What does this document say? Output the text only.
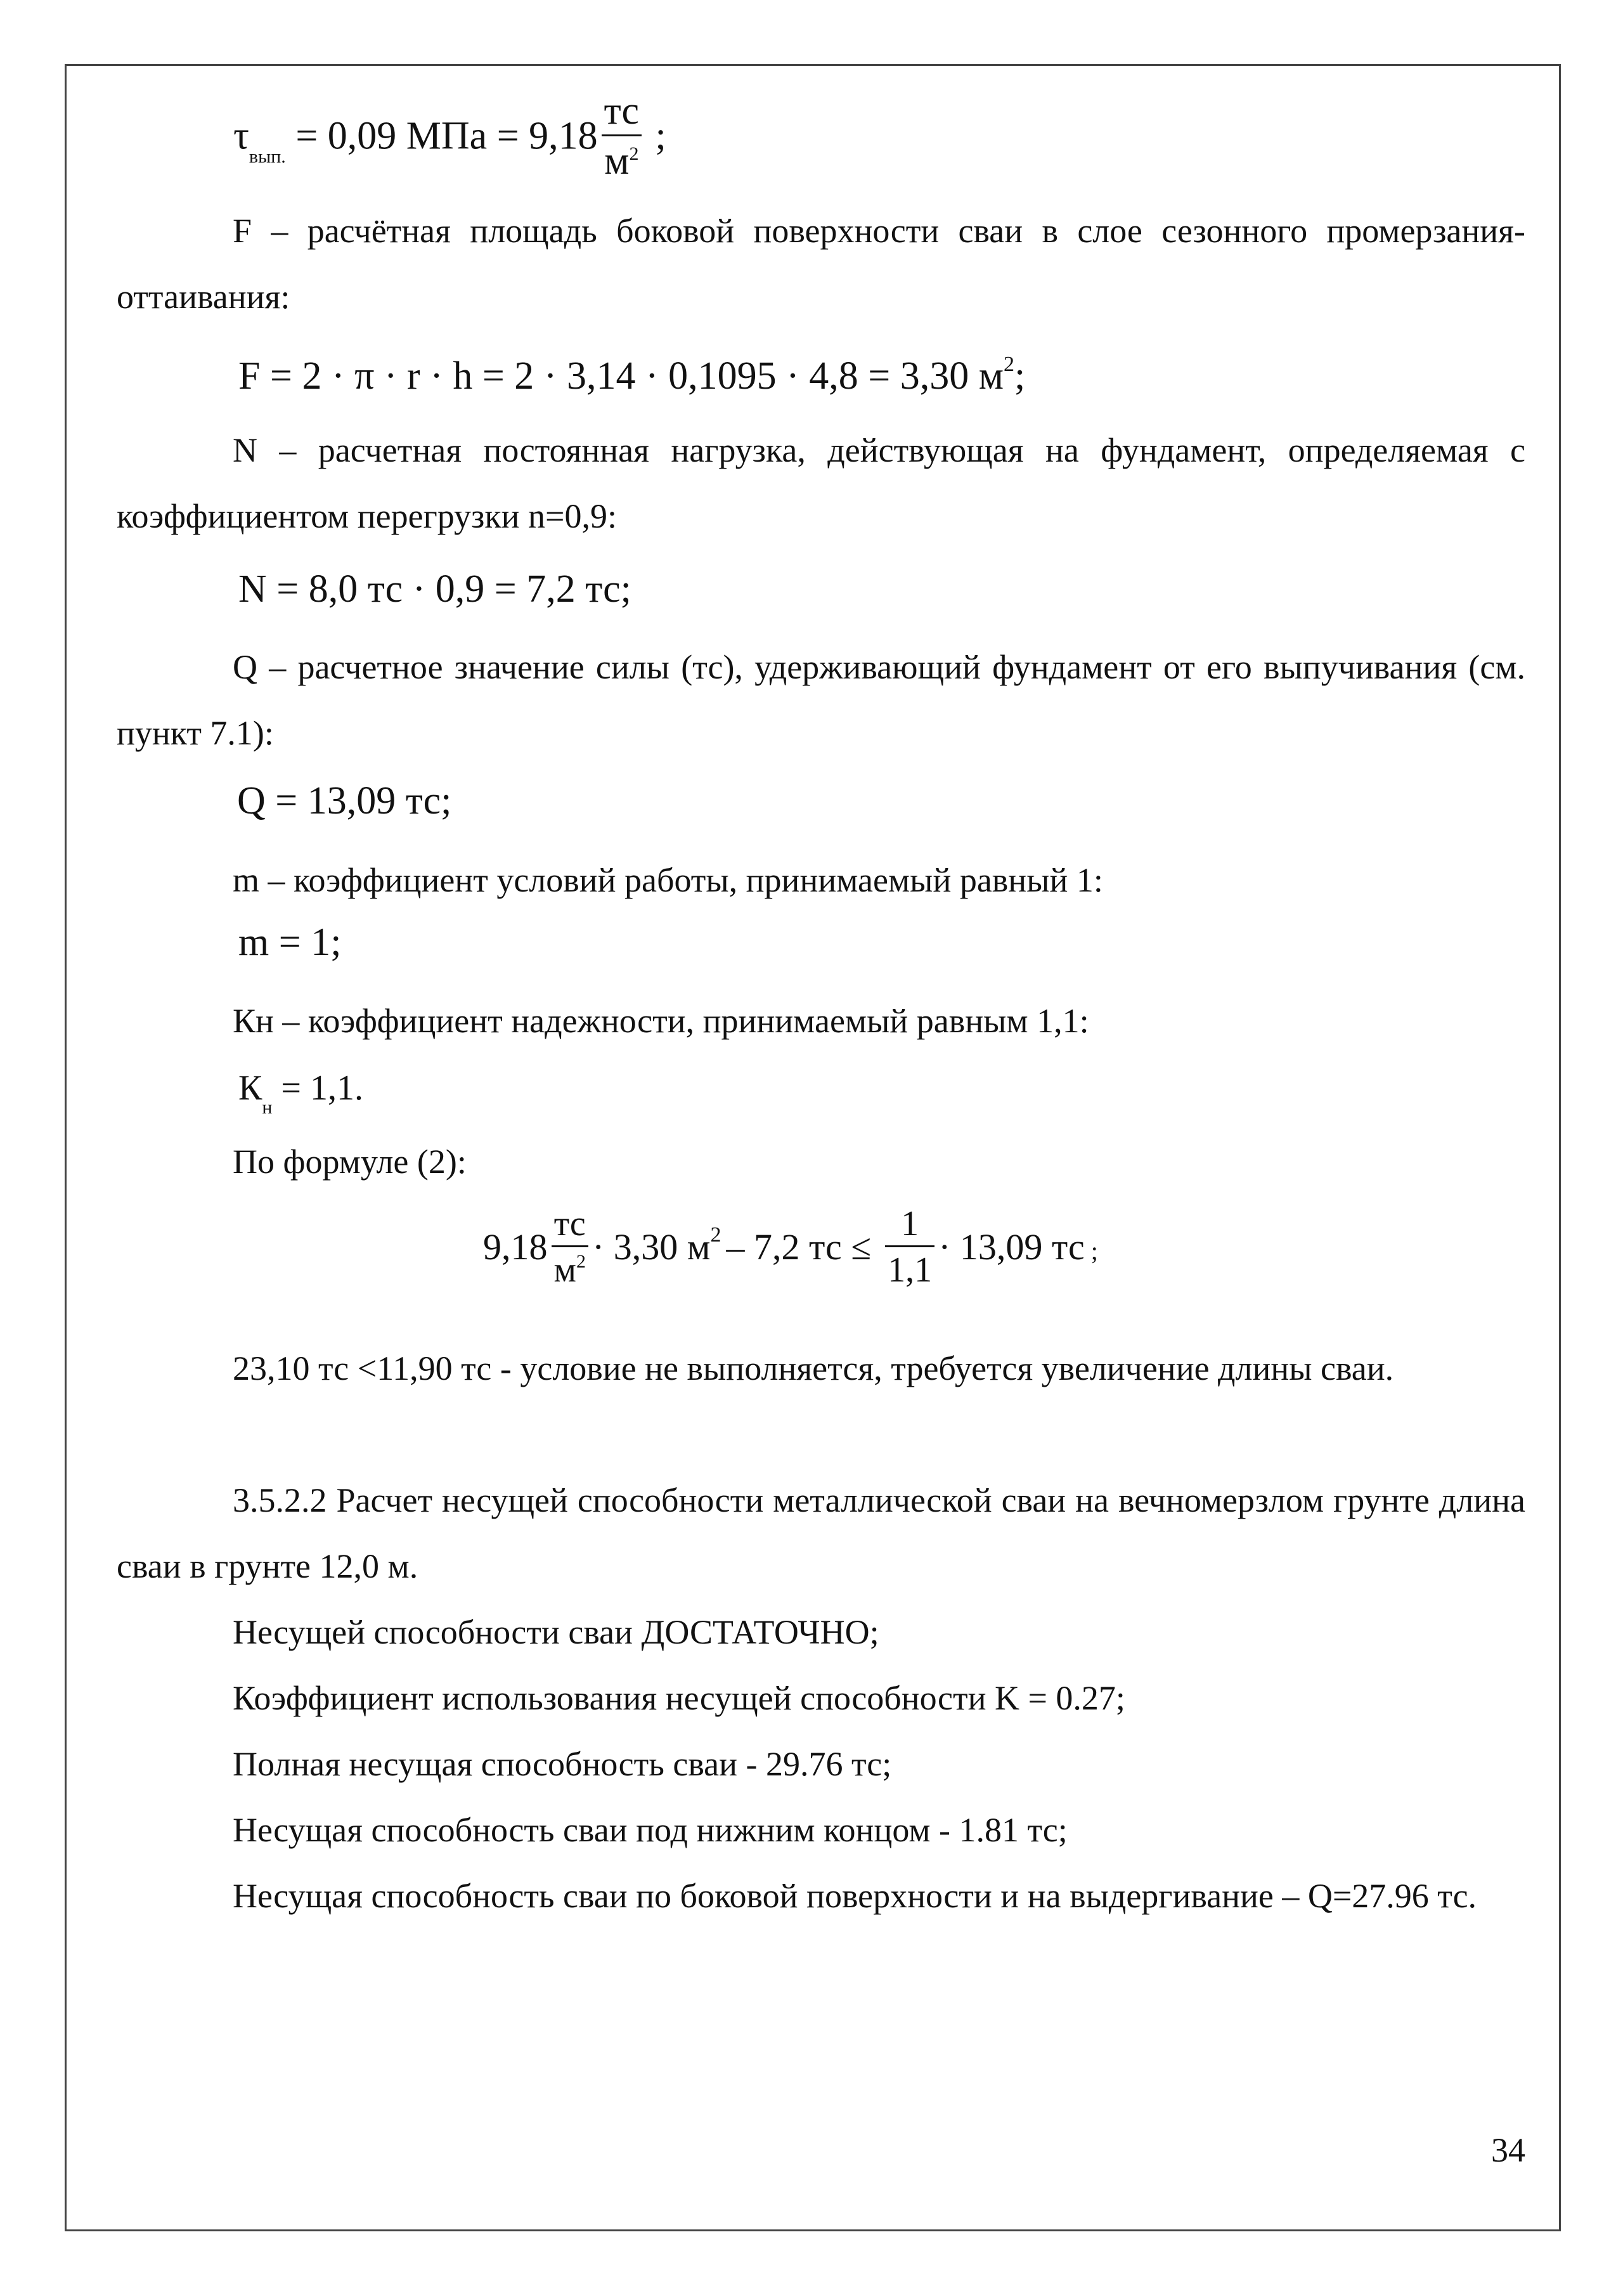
$\tau_{вып.} = 0,09$ МПа = $9,18 \frac{тс}{м^2}$ ;

F – расчётная площадь боковой поверхности сваи в слое сезонного промерзания-оттаивания:

F = 2 · π · r · h = 2 · 3,14 · 0,1095 · 4,8 = 3,30 $м^2$;

N – расчетная постоянная нагрузка, действующая на фундамент, определяемая с коэффициентом перегрузки n=0,9:

N = 8,0 тс · 0,9 = 7,2 тс;

Q – расчетное значение силы (тс), удерживающий фундамент от его выпучивания (см. пункт 7.1):

Q = 13,09 тс;

m – коэффициент условий работы, принимаемый равный 1:

m = 1;

Кн – коэффициент надежности, принимаемый равным 1,1:

$К_н = 1,1$.

По формуле (2):

$9,18 \frac{тс}{м^2} \cdot 3,30$ $м^2 - 7,2$ тс ≤ $\frac{1}{1,1} \cdot 13,09$ тс ;

23,10 тс <11,90 тс - условие не выполняется, требуется увеличение длины сваи.

3.5.2.2 Расчет несущей способности металлической сваи на вечномерзлом грунте длина сваи в грунте 12,0 м.

Несущей способности сваи ДОСТАТОЧНО;

Коэффициент использования несущей способности K = 0.27;

Полная несущая способность сваи - 29.76 тс;

Несущая способность сваи под нижним концом - 1.81 тс;

Несущая способность сваи по боковой поверхности и на выдергивание – Q=27.96 тс.

34
